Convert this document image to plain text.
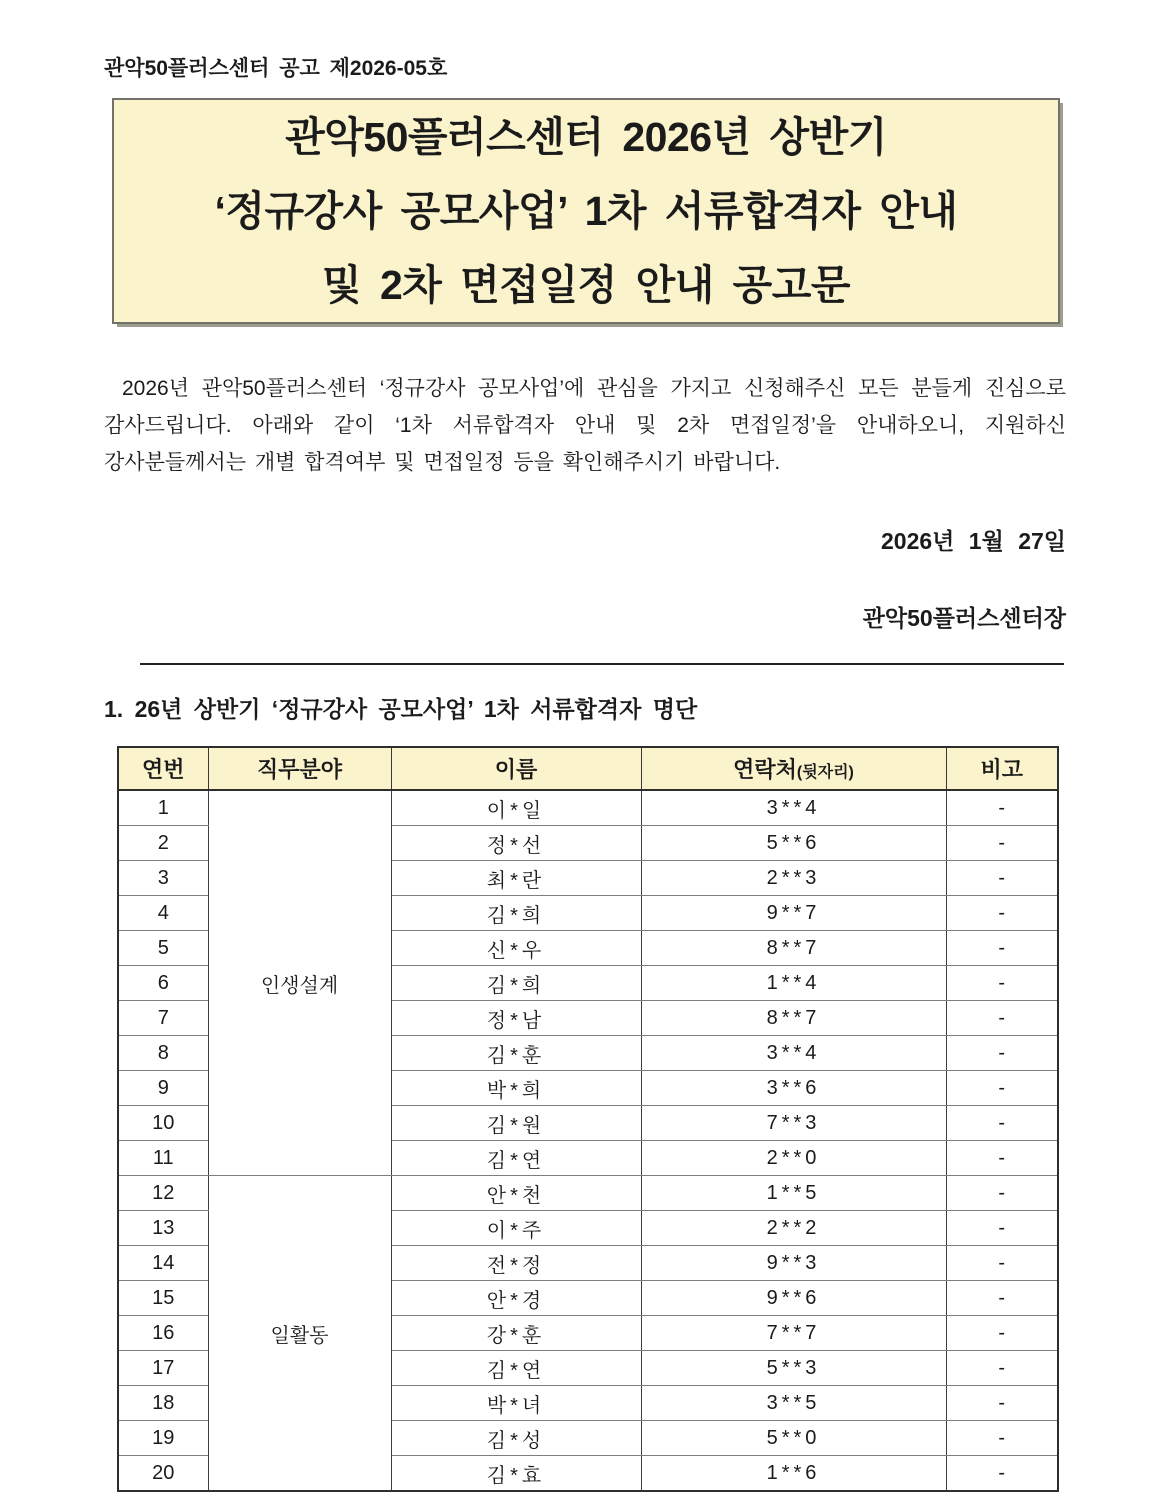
관악50플러스센터 공고 제2026-05호
관악50플러스센터 2026년 상반기
‘정규강사 공모사업’ 1차 서류합격자 안내
및 2차 면접일정 안내 공고문

2026년 관악50플러스센터 ‘정규강사 공모사업’에 관심을 가지고 신청해주신 모든 분들게 진심으로 감사드립니다. 아래와 같이 ‘1차 서류합격자 안내 및 2차 면접일정’을 안내하오니, 지원하신 강사분들께서는 개별 합격여부 및 면접일정 등을 확인해주시기 바랍니다.

2026년 1월 27일
관악50플러스센터장
1. 26년 상반기 ‘정규강사 공모사업’ 1차 서류합격자 명단
연번	직무분야	이름	연락처(뒷자리)	비고
1	인생설계	이*일	3**4	-
2		정*선	5**6	-
3		최*란	2**3	-
4		김*희	9**7	-
5		신*우	8**7	-
6		김*희	1**4	-
7		정*남	8**7	-
8		김*훈	3**4	-
9		박*희	3**6	-
10		김*원	7**3	-
11		김*연	2**0	-
12	일활동	안*천	1**5	-
13		이*주	2**2	-
14		전*정	9**3	-
15		안*경	9**6	-
16		강*훈	7**7	-
17		김*연	5**3	-
18		박*녀	3**5	-
19		김*성	5**0	-
20		김*효	1**6	-
